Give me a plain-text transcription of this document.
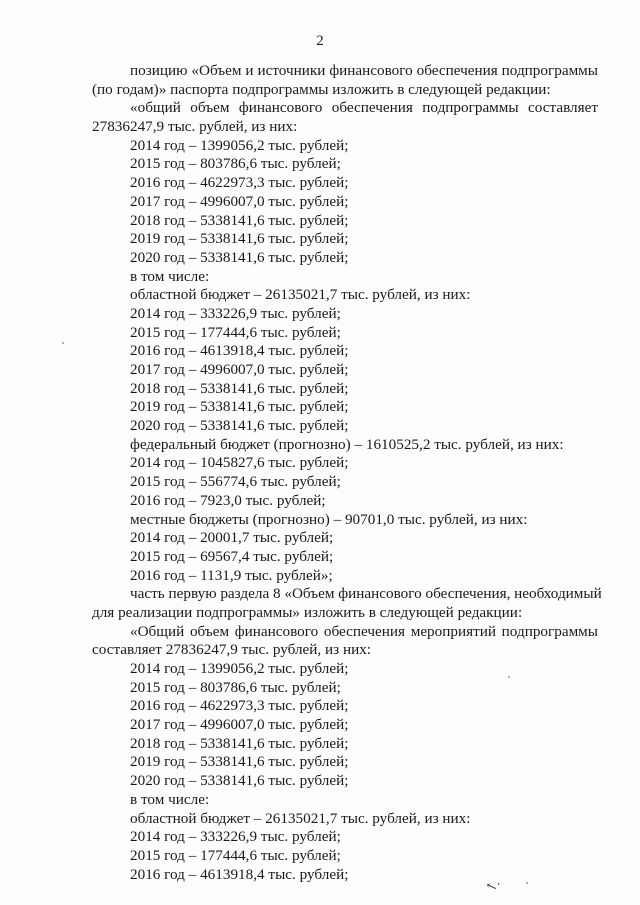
2
позицию «Объем и источники финансового обеспечения подпрограммы
(по годам)» паспорта подпрограммы изложить в следующей редакции:
«общий объем финансового обеспечения подпрограммы составляет
27836247,9 тыс. рублей, из них:
2014 год – 1399056,2 тыс. рублей;
2015 год – 803786,6 тыс. рублей;
2016 год – 4622973,3 тыс. рублей;
2017 год – 4996007,0 тыс. рублей;
2018 год – 5338141,6 тыс. рублей;
2019 год – 5338141,6 тыс. рублей;
2020 год – 5338141,6 тыс. рублей;
в том числе:
областной бюджет – 26135021,7 тыс. рублей, из них:
2014 год – 333226,9 тыс. рублей;
2015 год – 177444,6 тыс. рублей;
2016 год – 4613918,4 тыс. рублей;
2017 год – 4996007,0 тыс. рублей;
2018 год – 5338141,6 тыс. рублей;
2019 год – 5338141,6 тыс. рублей;
2020 год – 5338141,6 тыс. рублей;
федеральный бюджет (прогнозно) – 1610525,2 тыс. рублей, из них:
2014 год – 1045827,6 тыс. рублей;
2015 год – 556774,6 тыс. рублей;
2016 год – 7923,0 тыс. рублей;
местные бюджеты (прогнозно) – 90701,0 тыс. рублей, из них:
2014 год – 20001,7 тыс. рублей;
2015 год – 69567,4 тыс. рублей;
2016 год – 1131,9 тыс. рублей»;
часть первую раздела 8 «Объем финансового обеспечения, необходимый
для реализации подпрограммы» изложить в следующей редакции:
«Общий объем финансового обеспечения мероприятий подпрограммы
составляет 27836247,9 тыс. рублей, из них:
2014 год – 1399056,2 тыс. рублей;
2015 год – 803786,6 тыс. рублей;
2016 год – 4622973,3 тыс. рублей;
2017 год – 4996007,0 тыс. рублей;
2018 год – 5338141,6 тыс. рублей;
2019 год – 5338141,6 тыс. рублей;
2020 год – 5338141,6 тыс. рублей;
в том числе:
областной бюджет – 26135021,7 тыс. рублей, из них:
2014 год – 333226,9 тыс. рублей;
2015 год – 177444,6 тыс. рублей;
2016 год – 4613918,4 тыс. рублей;
↖·
